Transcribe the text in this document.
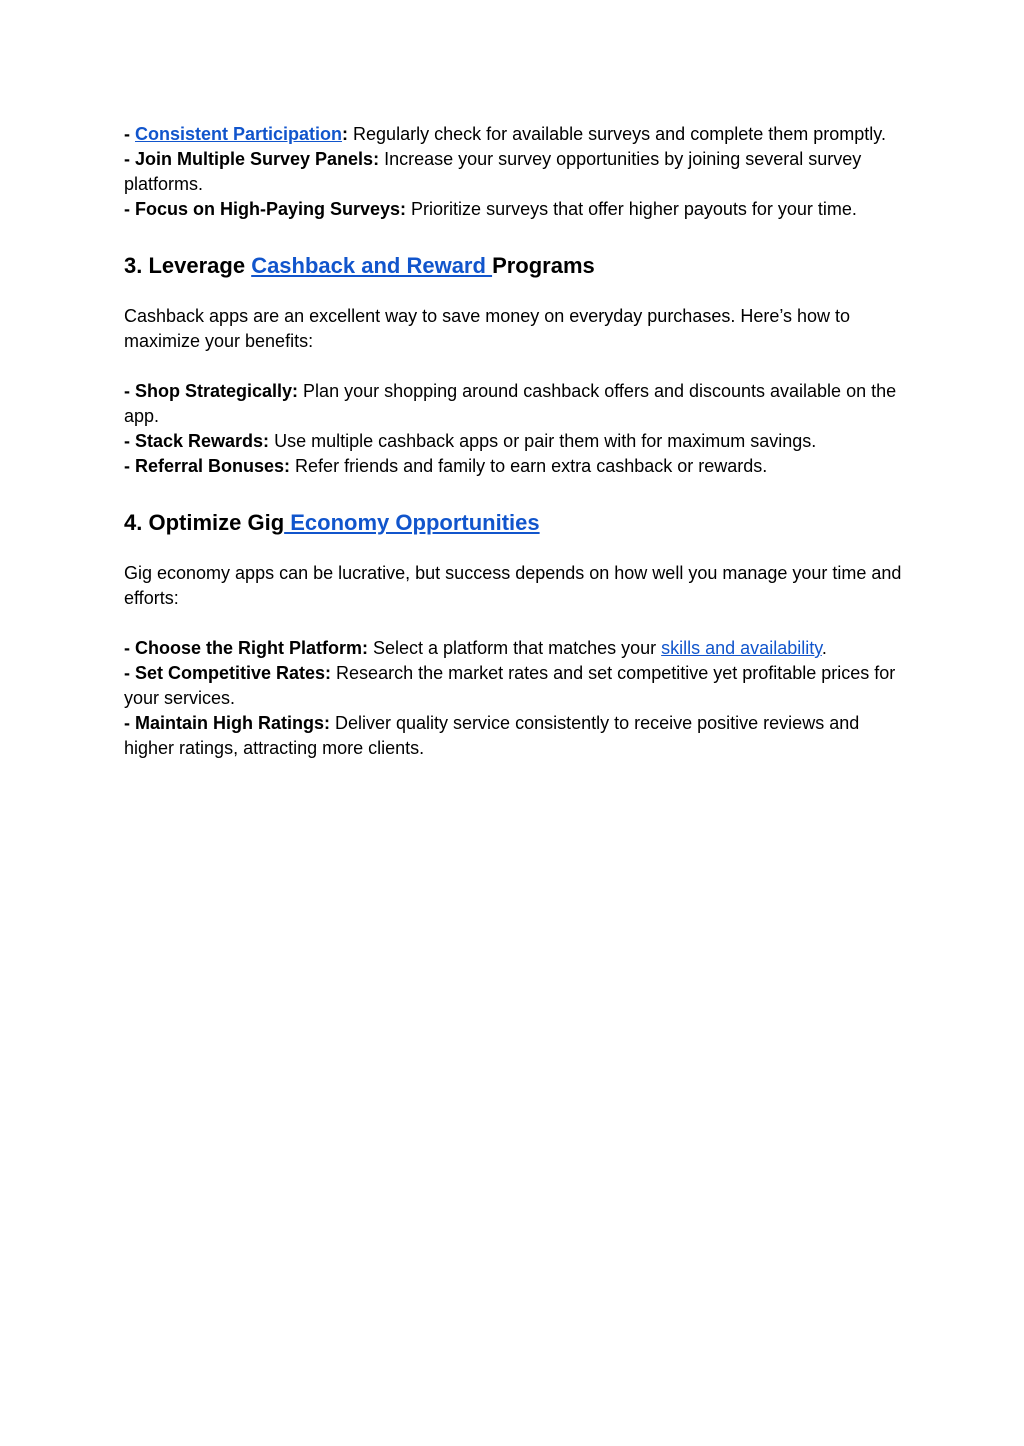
- Consistent Participation: Regularly check for available surveys and complete them promptly.

- Join Multiple Survey Panels: Increase your survey opportunities by joining several survey platforms.

- Focus on High-Paying Surveys: Prioritize surveys that offer higher payouts for your time.

3. Leverage Cashback and Reward Programs

Cashback apps are an excellent way to save money on everyday purchases. Here’s how to maximize your benefits:

- Shop Strategically: Plan your shopping around cashback offers and discounts available on the app.

- Stack Rewards: Use multiple cashback apps or pair them with for maximum savings.

- Referral Bonuses: Refer friends and family to earn extra cashback or rewards.

4. Optimize Gig Economy Opportunities

Gig economy apps can be lucrative, but success depends on how well you manage your time and efforts:

- Choose the Right Platform: Select a platform that matches your skills and availability.

- Set Competitive Rates: Research the market rates and set competitive yet profitable prices for your services.

- Maintain High Ratings: Deliver quality service consistently to receive positive reviews and higher ratings, attracting more clients.
